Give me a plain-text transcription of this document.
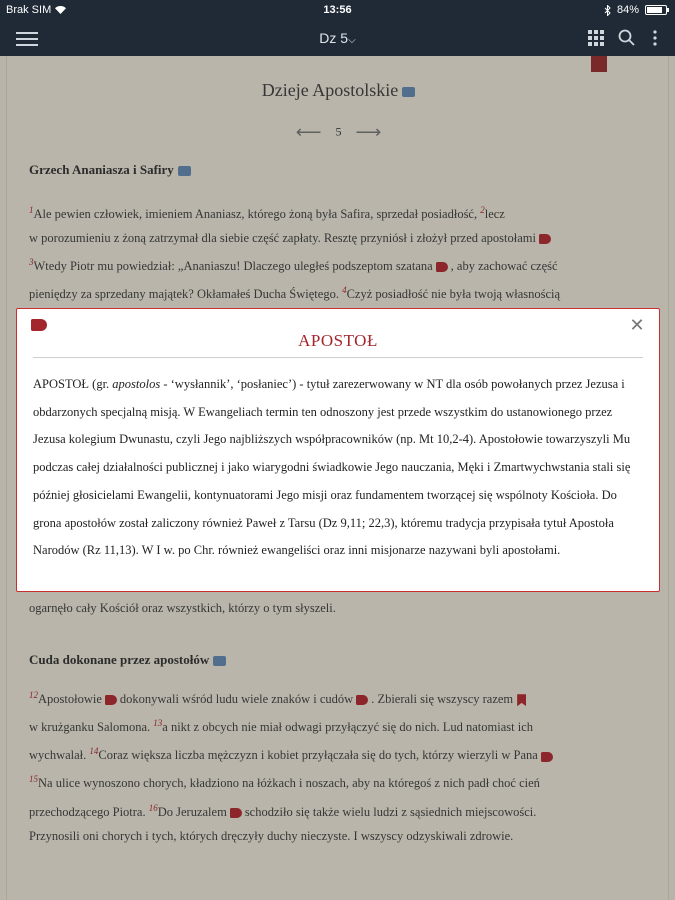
Brak SIM	13:56	84%
Dz 5⌵
Dzieje Apostolskie
⟵ 5 ⟶
Grzech Ananiasza i Safiry
$^1$Ale pewien człowiek, imieniem Ananiasz, którego żoną była Safira, sprzedał posiadłość, $^2$lecz
w porozumieniu z żoną zatrzymał dla siebie część zapłaty. Resztę przyniósł i złożył przed apostołami
$^3$Wtedy Piotr mu powiedział: „Ananiaszu! Dlaczego uległeś podszeptom szatana , aby zachować część
pieniędzy za sprzedany majątek? Okłamałeś Ducha Świętego. $^4$Czyż posiadłość nie była twoją własnością

ogarnęło cały Kościół oraz wszystkich, którzy o tym słyszeli.
Cuda dokonane przez apostołów
$^{12}$Apostołowie dokonywali wśród ludu wiele znaków i cudów . Zbierali się wszyscy razem
w krużganku Salomona. $^{13}$a nikt z obcych nie miał odwagi przyłączyć się do nich. Lud natomiast ich
wychwalał. $^{14}$Coraz większa liczba mężczyzn i kobiet przyłączała się do tych, którzy wierzyli w Pana
$^{15}$Na ulice wynoszono chorych, kładziono na łóżkach i noszach, aby na któregoś z nich padł choć cień
przechodzącego Piotra. $^{16}$Do Jeruzalem schodziło się także wielu ludzi z sąsiednich miejscowości.
Przynosili oni chorych i tych, których dręczyły duchy nieczyste. I wszyscy odzyskiwali zdrowie.
✕
APOSTOŁ
APOSTOŁ (gr. apostolos - ‘wysłannik’, ‘posłaniec’) - tytuł zarezerwowany w NT dla osób powołanych przez Jezusa i obdarzonych specjalną misją. W Ewangeliach termin ten odnoszony jest przede wszystkim do ustanowionego przez Jezusa kolegium Dwunastu, czyli Jego najbliższych współpracowników (np. Mt 10,2-4). Apostołowie towarzyszyli Mu podczas całej działalności publicznej i jako wiarygodni świadkowie Jego nauczania, Męki i Zmartwychwstania stali się później głosicielami Ewangelii, kontynuatorami Jego misji oraz fundamentem tworzącej się wspólnoty Kościoła. Do grona apostołów został zaliczony również Paweł z Tarsu (Dz 9,11; 22,3), któremu tradycja przypisała tytuł Apostoła Narodów (Rz 11,13). W I w. po Chr. również ewangeliści oraz inni misjonarze nazywani byli apostołami.
